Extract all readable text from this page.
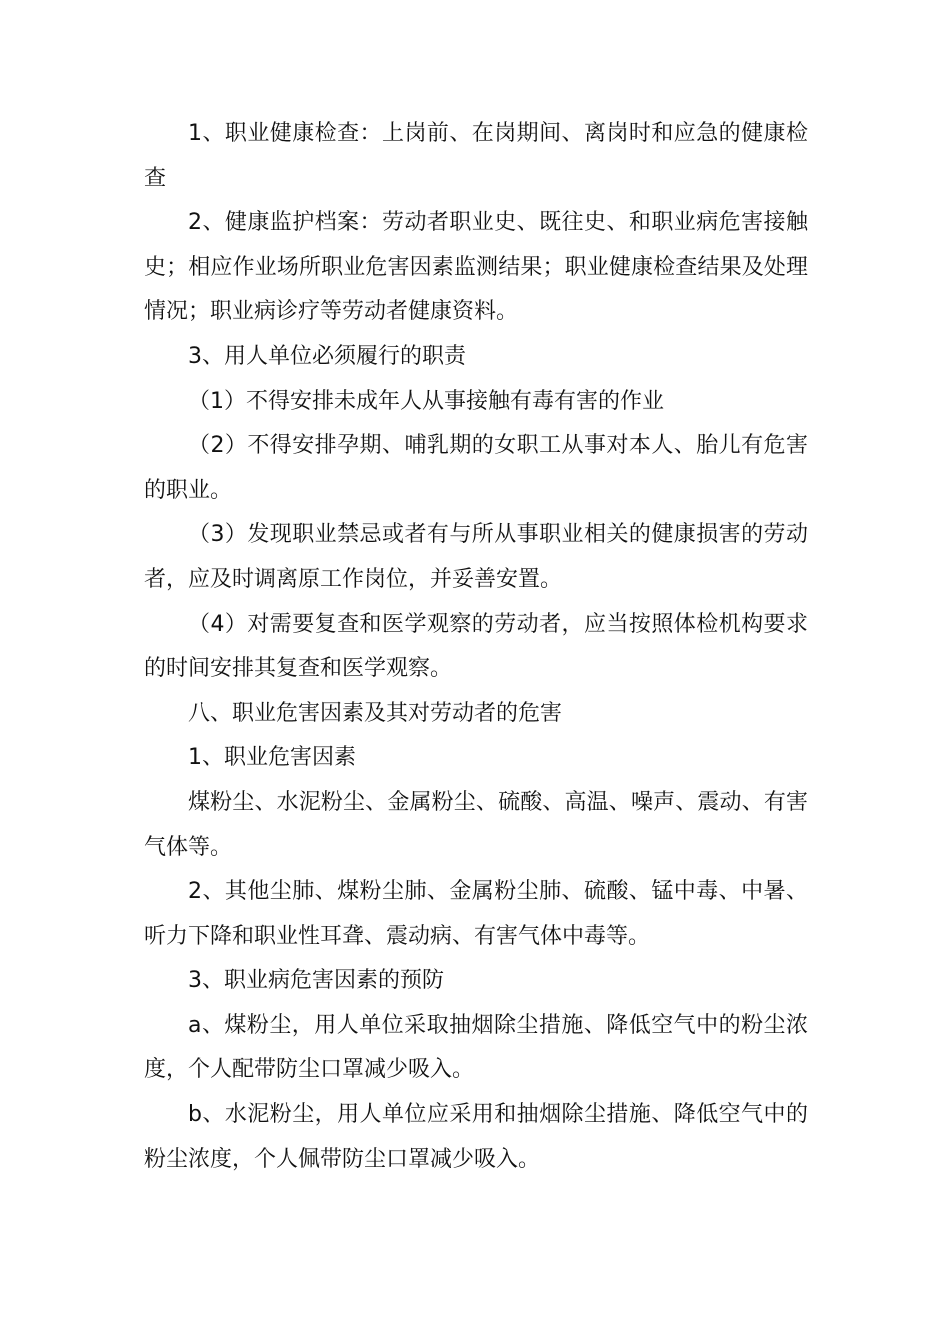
1、职业健康检查：上岗前、在岗期间、离岗时和应急的健康检查

2、健康监护档案：劳动者职业史、既往史、和职业病危害接触史；相应作业场所职业危害因素监测结果；职业健康检查结果及处理情况；职业病诊疗等劳动者健康资料。

3、用人单位必须履行的职责

（1）不得安排未成年人从事接触有毒有害的作业

（2）不得安排孕期、哺乳期的女职工从事对本人、胎儿有危害的职业。

（3）发现职业禁忌或者有与所从事职业相关的健康损害的劳动者，应及时调离原工作岗位，并妥善安置。

（4）对需要复查和医学观察的劳动者，应当按照体检机构要求的时间安排其复查和医学观察。

八、职业危害因素及其对劳动者的危害

1、职业危害因素

煤粉尘、水泥粉尘、金属粉尘、硫酸、高温、噪声、震动、有害气体等。

2、其他尘肺、煤粉尘肺、金属粉尘肺、硫酸、锰中毒、中暑、听力下降和职业性耳聋、震动病、有害气体中毒等。

3、职业病危害因素的预防

a、煤粉尘，用人单位采取抽烟除尘措施、降低空气中的粉尘浓度，个人配带防尘口罩减少吸入。

b、水泥粉尘，用人单位应采用和抽烟除尘措施、降低空气中的粉尘浓度，个人佩带防尘口罩减少吸入。
